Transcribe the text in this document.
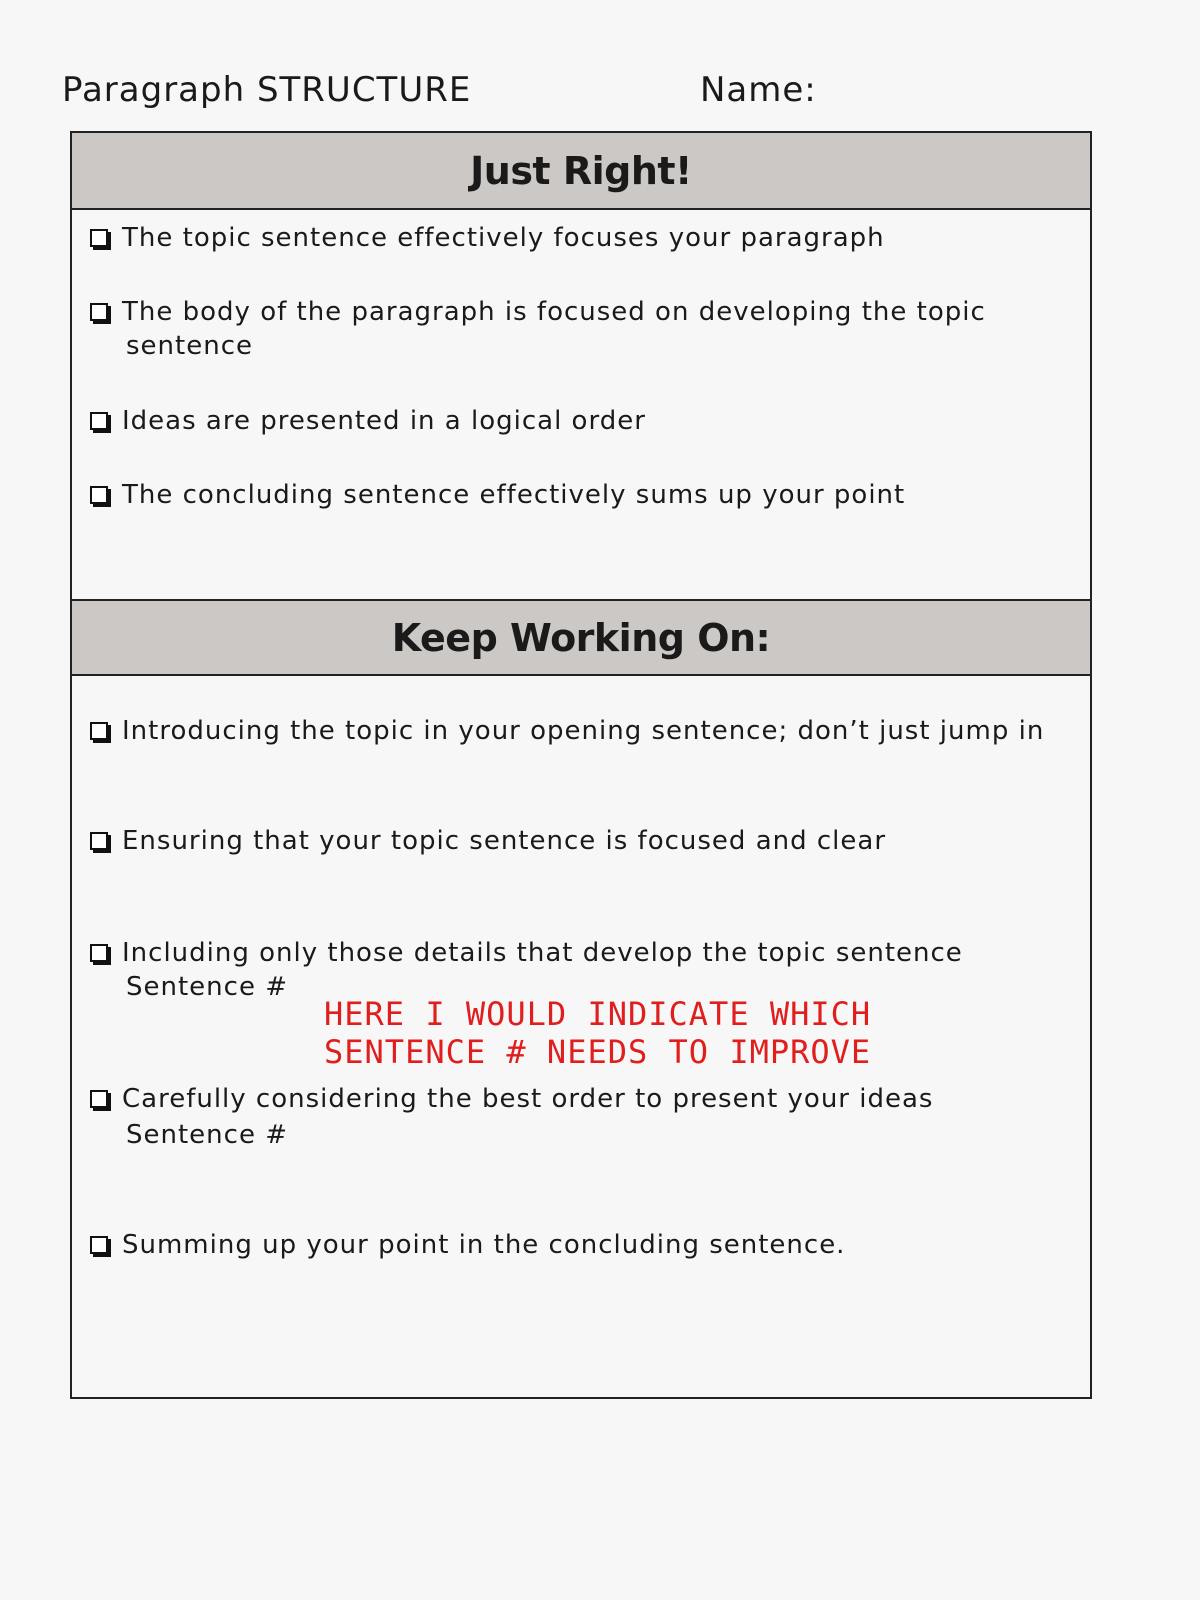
Paragraph STRUCTURE	Name:
Just Right!
The topic sentence effectively focuses your paragraph
The body of the paragraph is focused on developing the topic
sentence
Ideas are presented in a logical order
The concluding sentence effectively sums up your point
Keep Working On:
Introducing the topic in your opening sentence; don’t just jump in
Ensuring that your topic sentence is focused and clear
Including only those details that develop the topic sentence
Sentence #
HERE I WOULD INDICATE WHICH
SENTENCE # NEEDS TO IMPROVE
Carefully considering the best order to present your ideas
Sentence #
Summing up your point in the concluding sentence.
